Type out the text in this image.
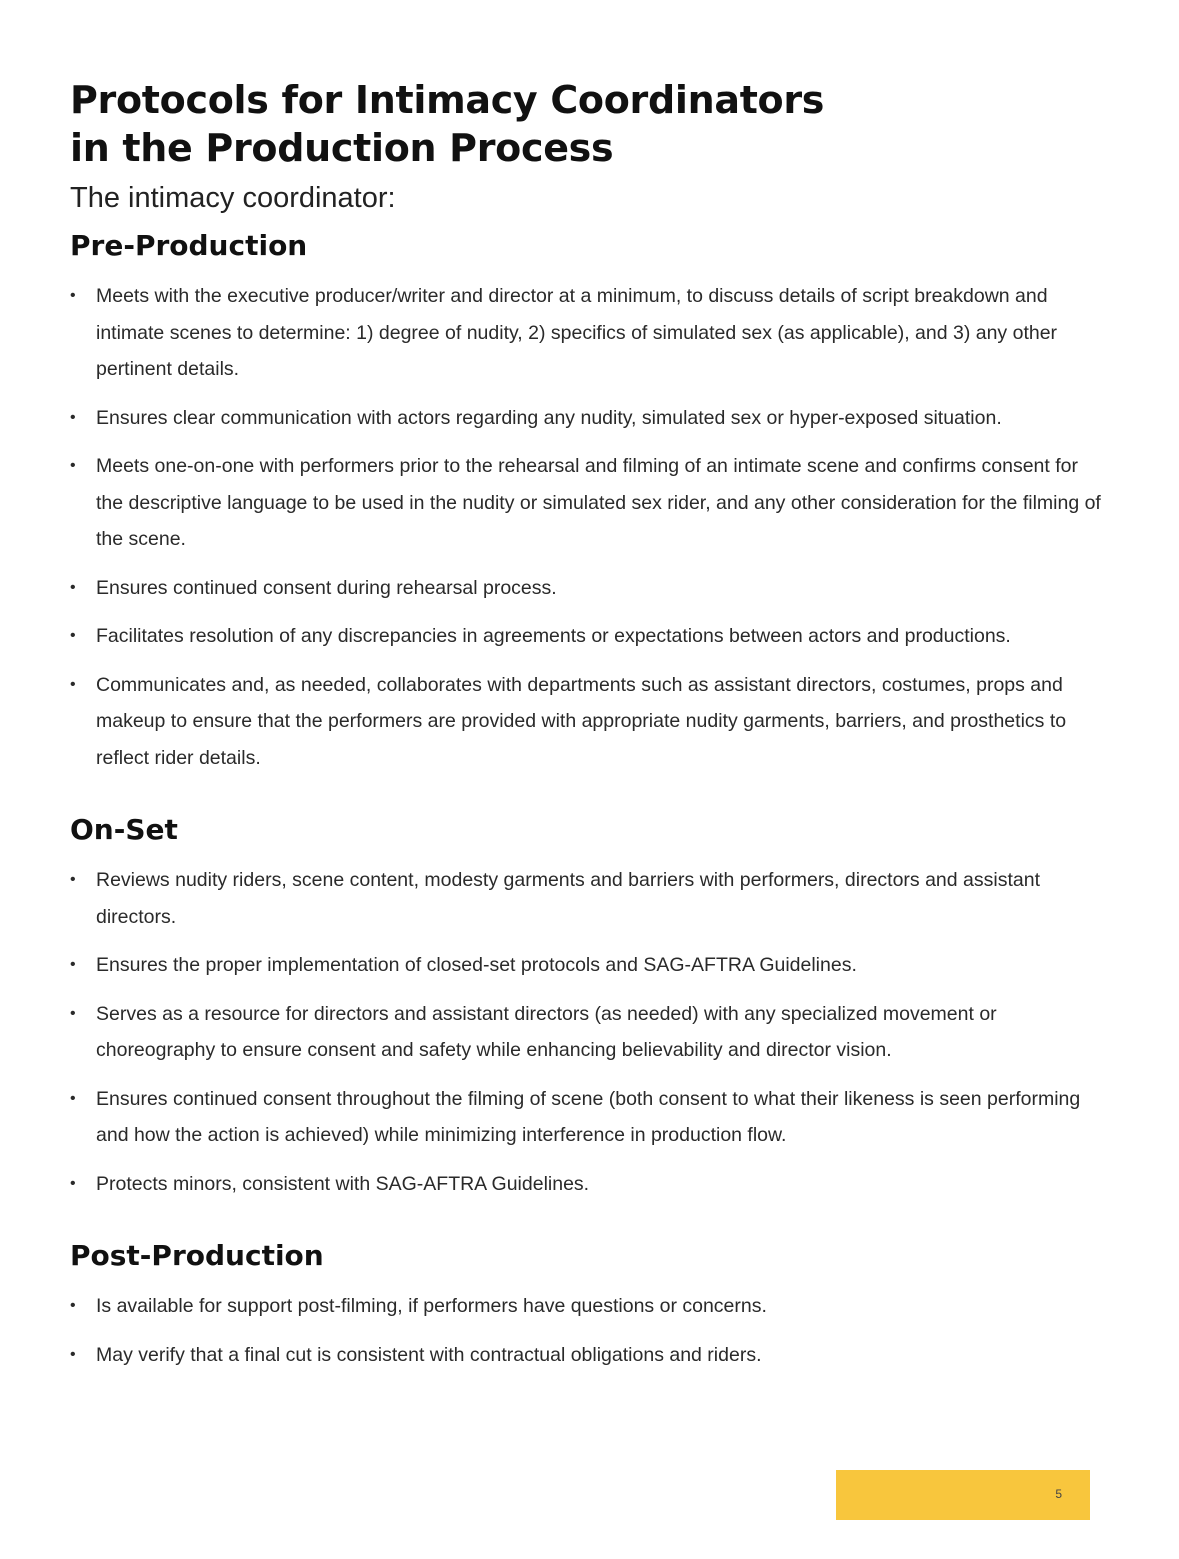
Protocols for Intimacy Coordinators
in the Production Process

The intimacy coordinator:

Pre-Production
• Meets with the executive producer/writer and director at a minimum, to discuss details of script breakdown and intimate scenes to determine: 1) degree of nudity, 2) specifics of simulated sex (as applicable), and 3) any other pertinent details.
• Ensures clear communication with actors regarding any nudity, simulated sex or hyper-exposed situation.
• Meets one-on-one with performers prior to the rehearsal and filming of an intimate scene and confirms consent for the descriptive language to be used in the nudity or simulated sex rider, and any other consideration for the filming of the scene.
• Ensures continued consent during rehearsal process.
• Facilitates resolution of any discrepancies in agreements or expectations between actors and productions.
• Communicates and, as needed, collaborates with departments such as assistant directors, costumes, props and makeup to ensure that the performers are provided with appropriate nudity garments, barriers, and prosthetics to reflect rider details.
On-Set
• Reviews nudity riders, scene content, modesty garments and barriers with performers, directors and assistant directors.
• Ensures the proper implementation of closed-set protocols and SAG-AFTRA Guidelines.
• Serves as a resource for directors and assistant directors (as needed) with any specialized movement or choreography to ensure consent and safety while enhancing believability and director vision.
• Ensures continued consent throughout the filming of scene (both consent to what their likeness is seen performing and how the action is achieved) while minimizing interference in production flow.
• Protects minors, consistent with SAG-AFTRA Guidelines.
Post-Production
• Is available for support post-filming, if performers have questions or concerns.
• May verify that a final cut is consistent with contractual obligations and riders.
5
